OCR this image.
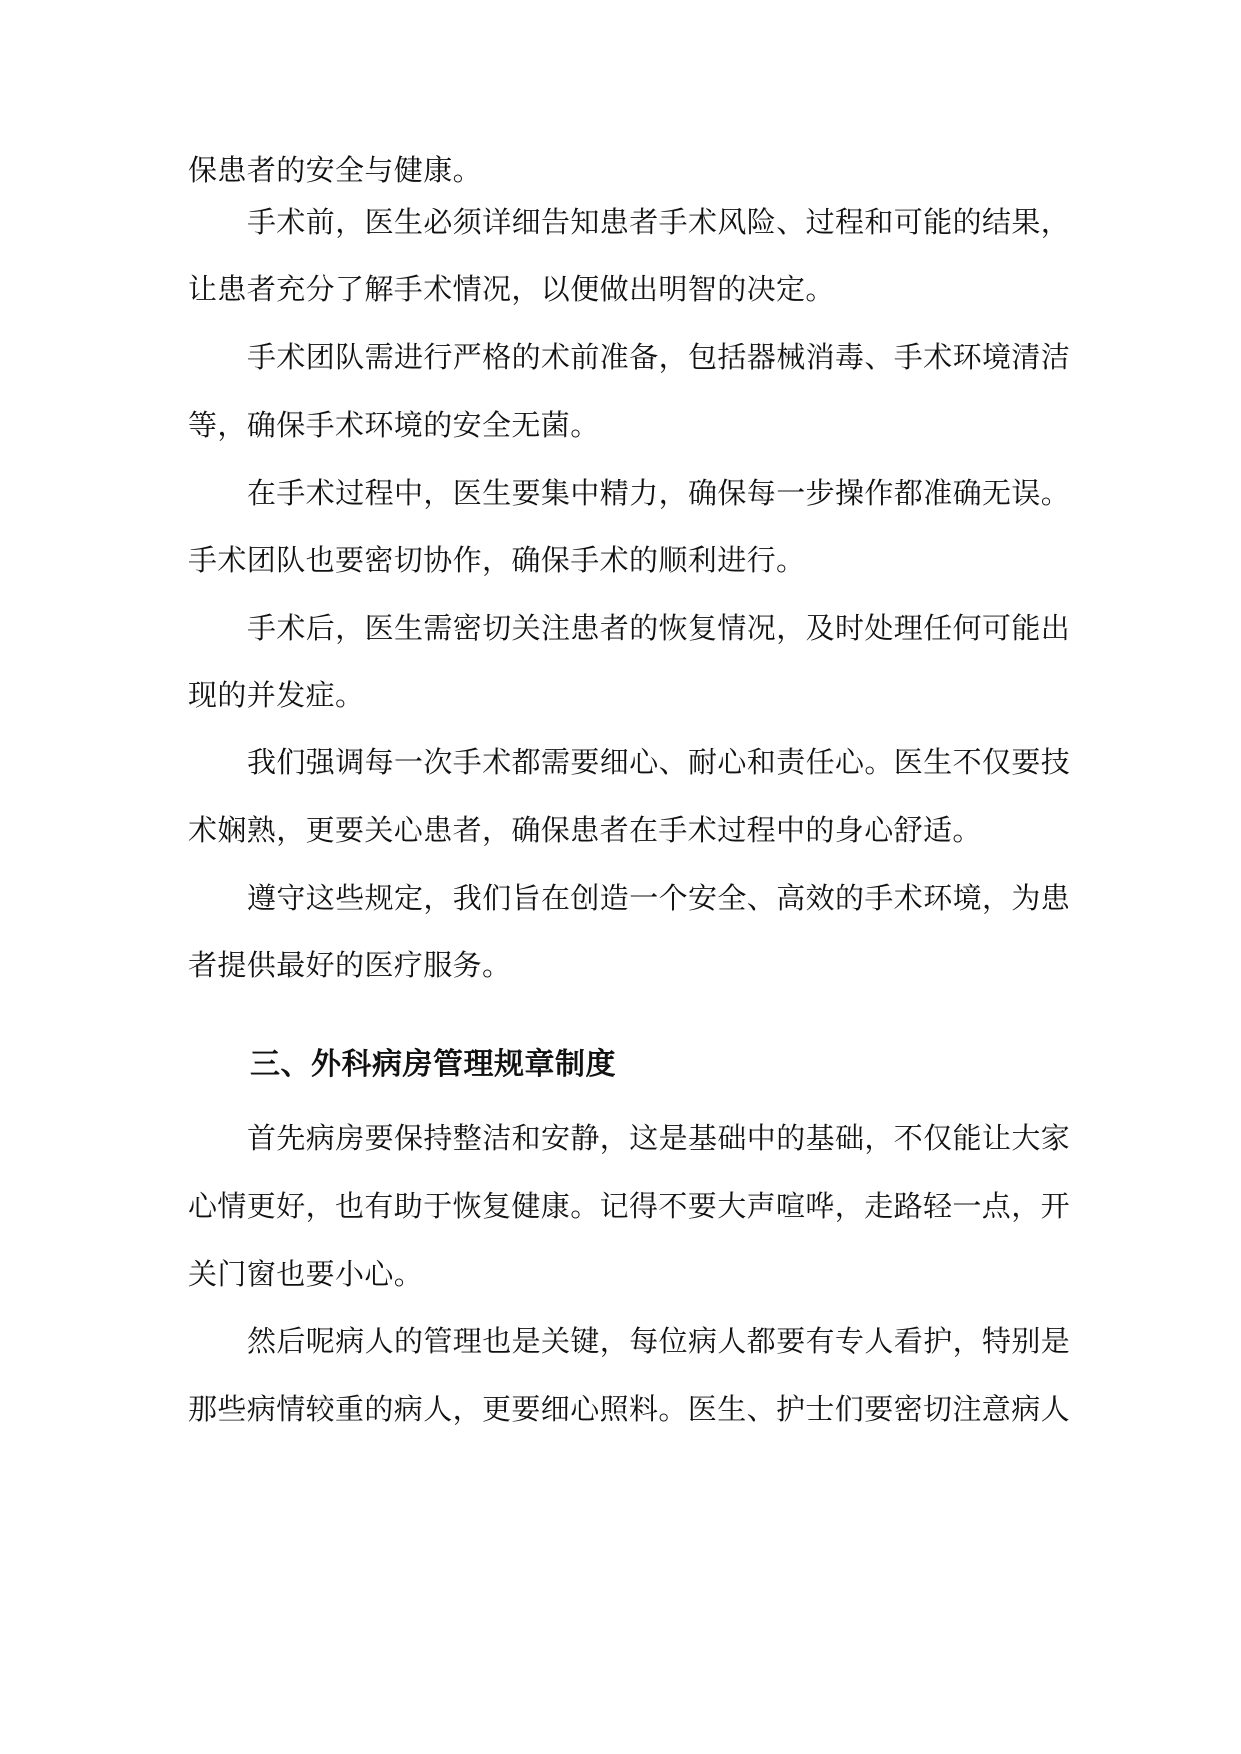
保患者的安全与健康。
手术前，医生必须详细告知患者手术风险、过程和可能的结果，
让患者充分了解手术情况，以便做出明智的决定。
手术团队需进行严格的术前准备，包括器械消毒、手术环境清洁
等，确保手术环境的安全无菌。
在手术过程中，医生要集中精力，确保每一步操作都准确无误。
手术团队也要密切协作，确保手术的顺利进行。
手术后，医生需密切关注患者的恢复情况，及时处理任何可能出
现的并发症。
我们强调每一次手术都需要细心、耐心和责任心。医生不仅要技
术娴熟，更要关心患者，确保患者在手术过程中的身心舒适。
遵守这些规定，我们旨在创造一个安全、高效的手术环境，为患
者提供最好的医疗服务。
三、外科病房管理规章制度
首先病房要保持整洁和安静，这是基础中的基础，不仅能让大家
心情更好，也有助于恢复健康。记得不要大声喧哗，走路轻一点，开
关门窗也要小心。
然后呢病人的管理也是关键，每位病人都要有专人看护，特别是
那些病情较重的病人，更要细心照料。医生、护士们要密切注意病人
